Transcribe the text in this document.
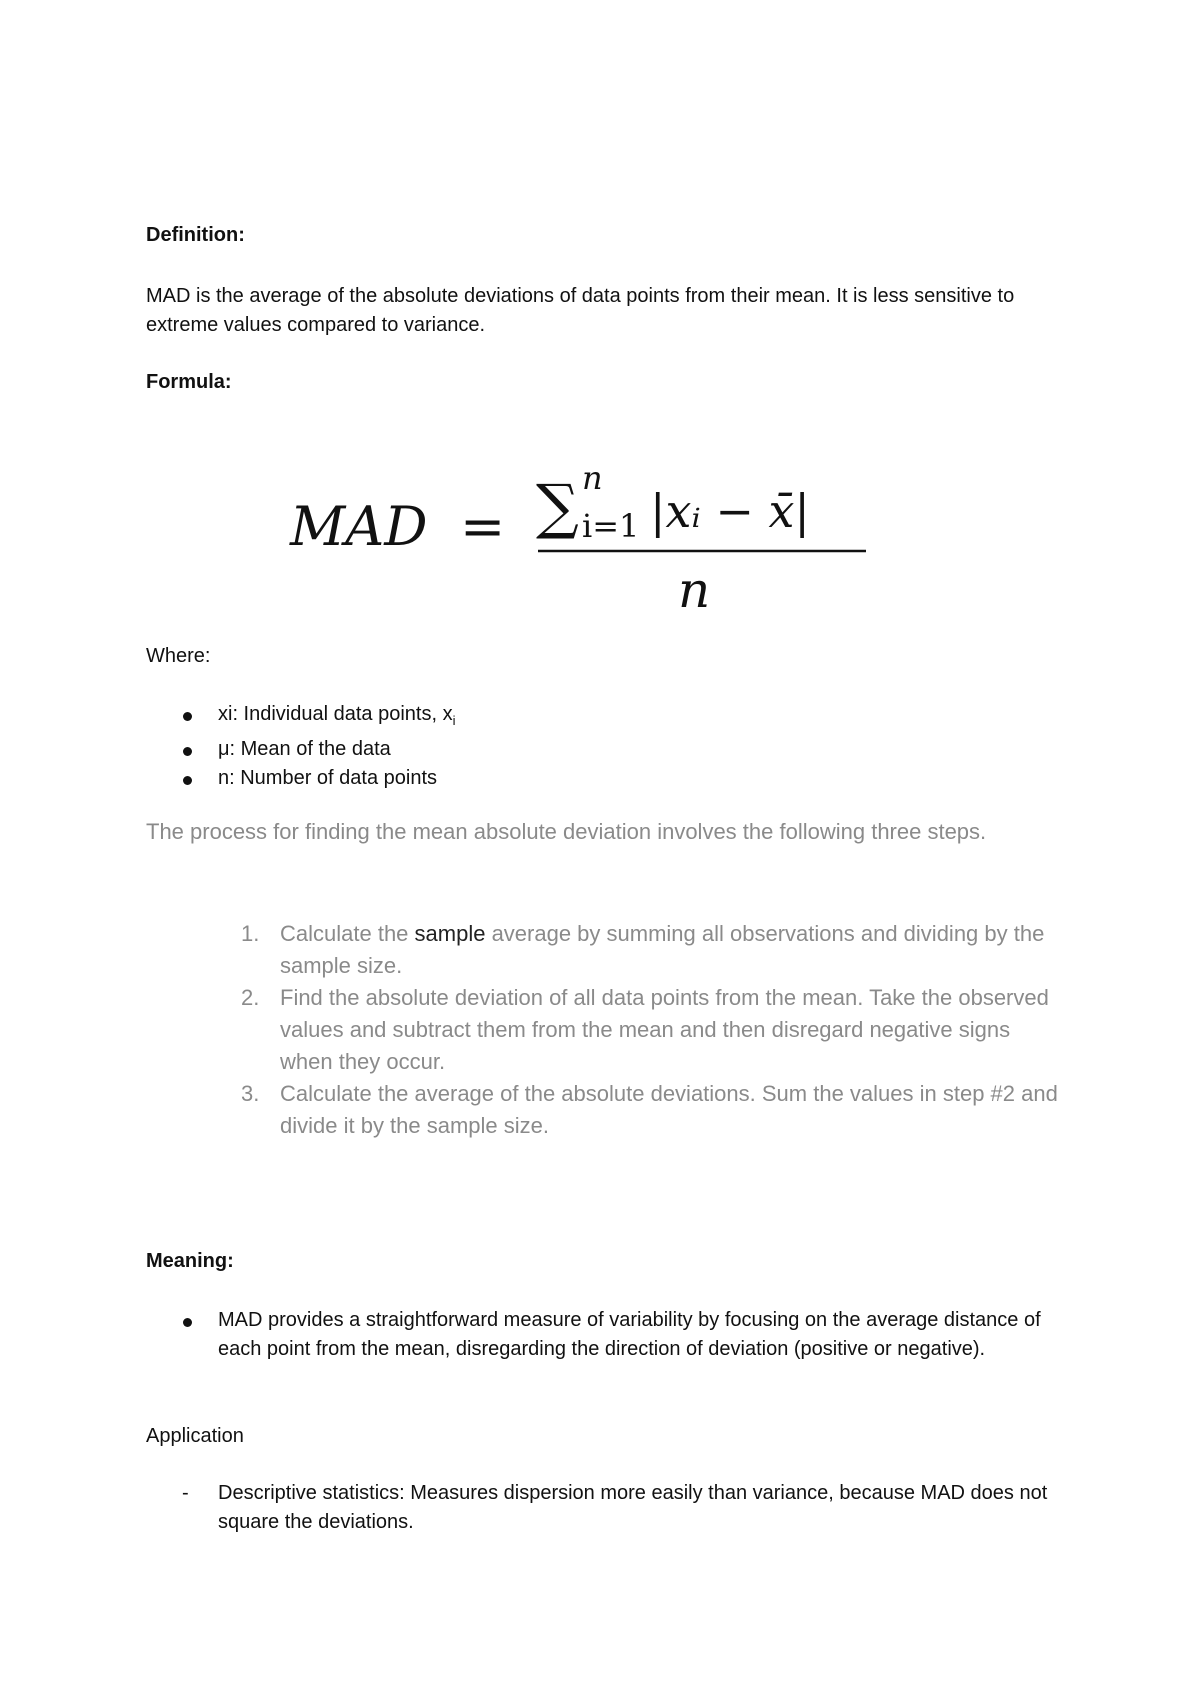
Definition:

MAD is the average of the absolute deviations of data points from their mean. It is less sensitive to extreme values compared to variance.

Formula:

MAD = ∑ n
i=1 |xᵢ − x̄|
n

Where:

xi: Individual data points, $x_i$
μ: Mean of the data
n: Number of data points

The process for finding the mean absolute deviation involves the following three steps.

1. Calculate the sample average by summing all observations and dividing by the sample size.
2. Find the absolute deviation of all data points from the mean. Take the observed values and subtract them from the mean and then disregard negative signs when they occur.
3. Calculate the average of the absolute deviations. Sum the values in step #2 and divide it by the sample size.

Meaning:

MAD provides a straightforward measure of variability by focusing on the average distance of each point from the mean, disregarding the direction of deviation (positive or negative).

Application

- Descriptive statistics: Measures dispersion more easily than variance, because MAD does not square the deviations.
